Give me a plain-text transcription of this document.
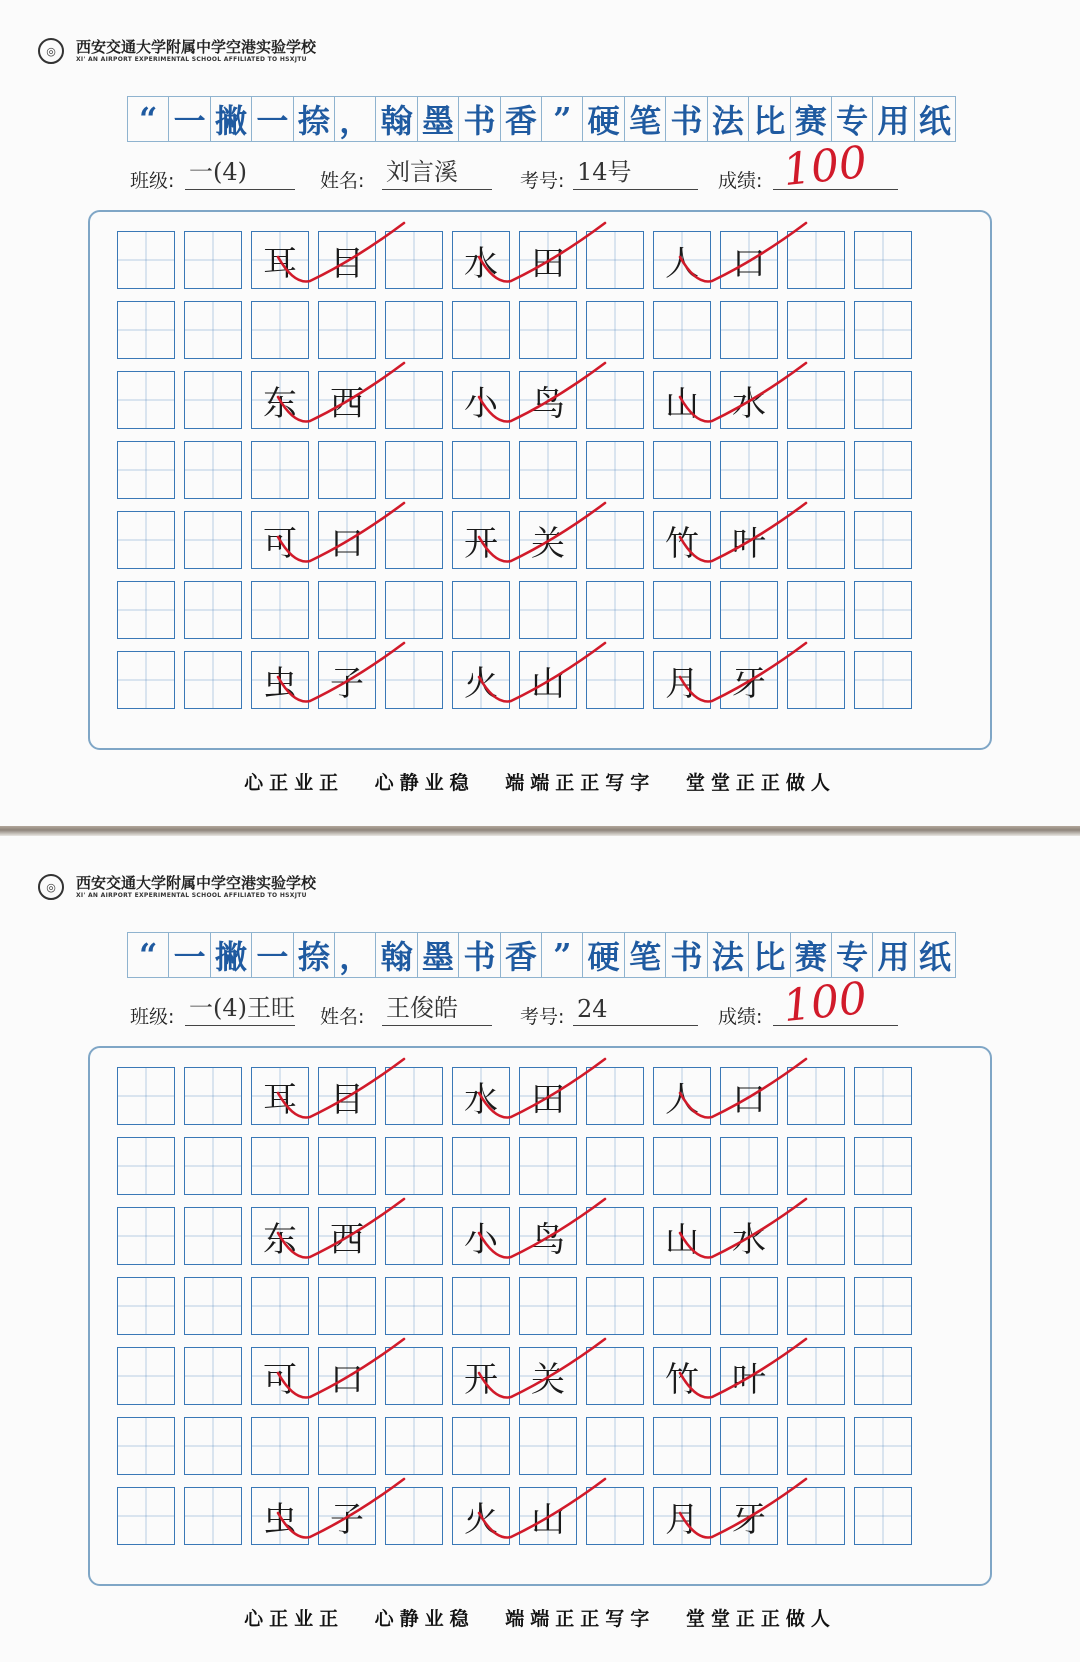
◎	西安交通大学附属中学空港实验学校
XI' AN AIRPORT EXPERIMENTAL SCHOOL AFFILIATED TO HSXJTU
“ 一 撇 一 捺 ， 翰 墨 书 香 ” 硬 笔 书 法 比 赛 专 用 纸
班级: 一(4)	姓名: 刘言溪	考号: 14号	成绩: 100
耳 目	水 田	人 口
东 西	小 鸟	山 水
可 口	开 关	竹 叶
虫 子	火 山	月 牙
心正业正 心静业稳 端端正正写字 堂堂正正做人
◎	西安交通大学附属中学空港实验学校
XI' AN AIRPORT EXPERIMENTAL SCHOOL AFFILIATED TO HSXJTU
“ 一 撇 一 捺 ， 翰 墨 书 香 ” 硬 笔 书 法 比 赛 专 用 纸
班级: 一(4)王旺 姓名: 王俊皓	考号: 24	成绩: 100
耳 目	水 田	人 口
东 西	小 鸟	山 水
可 口	开 关	竹 叶
虫 子	火 山	月 牙
心正业正 心静业稳 端端正正写字 堂堂正正做人
